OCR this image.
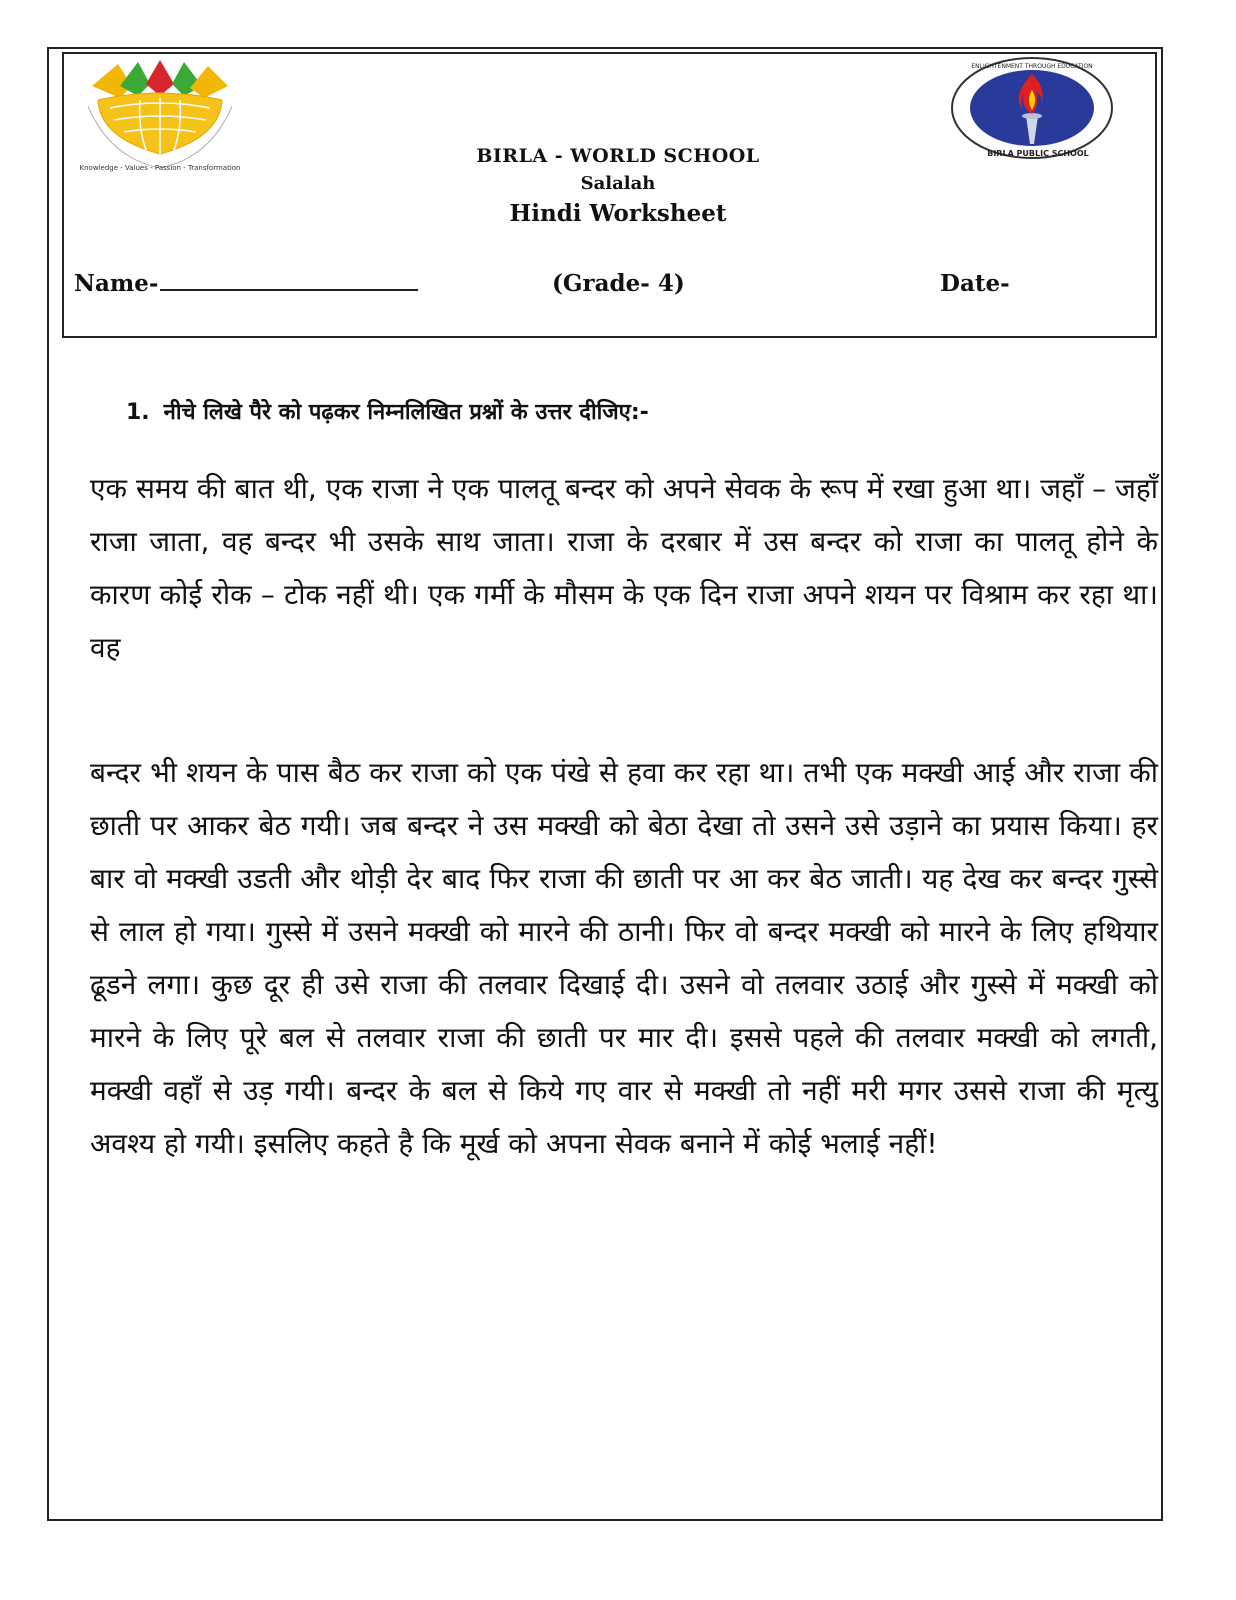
Knowledge - Values - Passion - Transformation
ENLIGHTENMENT THROUGH EDUCATION
BIRLA PUBLIC SCHOOL
BIRLA - WORLD SCHOOL
Salalah
Hindi Worksheet
Name-	(Grade- 4)	Date-
1. नीचे लिखे पैरे को पढ़कर निम्नलिखित प्रश्नों के उत्तर दीजिए:-

एक समय की बात थी, एक राजा ने एक पालतू बन्दर को अपने सेवक के रूप में रखा हुआ था। जहाँ – जहाँ राजा जाता, वह बन्दर भी उसके साथ जाता। राजा के दरबार में उस बन्दर को राजा का पालतू होने के कारण कोई रोक – टोक नहीं थी। एक गर्मी के मौसम के एक दिन राजा अपने शयन पर विश्राम कर रहा था। वह

बन्दर भी शयन के पास बैठ कर राजा को एक पंखे से हवा कर रहा था। तभी एक मक्खी आई और राजा की छाती पर आकर बेठ गयी। जब बन्दर ने उस मक्खी को बेठा देखा तो उसने उसे उड़ाने का प्रयास किया। हर बार वो मक्खी उडती और थोड़ी देर बाद फिर राजा की छाती पर आ कर बेठ जाती। यह देख कर बन्दर गुस्से से लाल हो गया। गुस्से में उसने मक्खी को मारने की ठानी। फिर वो बन्दर मक्खी को मारने के लिए हथियार ढूडने लगा। कुछ दूर ही उसे राजा की तलवार दिखाई दी। उसने वो तलवार उठाई और गुस्से में मक्खी को मारने के लिए पूरे बल से तलवार राजा की छाती पर मार दी। इससे पहले की तलवार मक्खी को लगती, मक्खी वहाँ से उड़ गयी। बन्दर के बल से किये गए वार से मक्खी तो नहीं मरी मगर उससे राजा की मृत्यु अवश्य हो गयी। इसलिए कहते है कि मूर्ख को अपना सेवक बनाने में कोई भलाई नहीं!
